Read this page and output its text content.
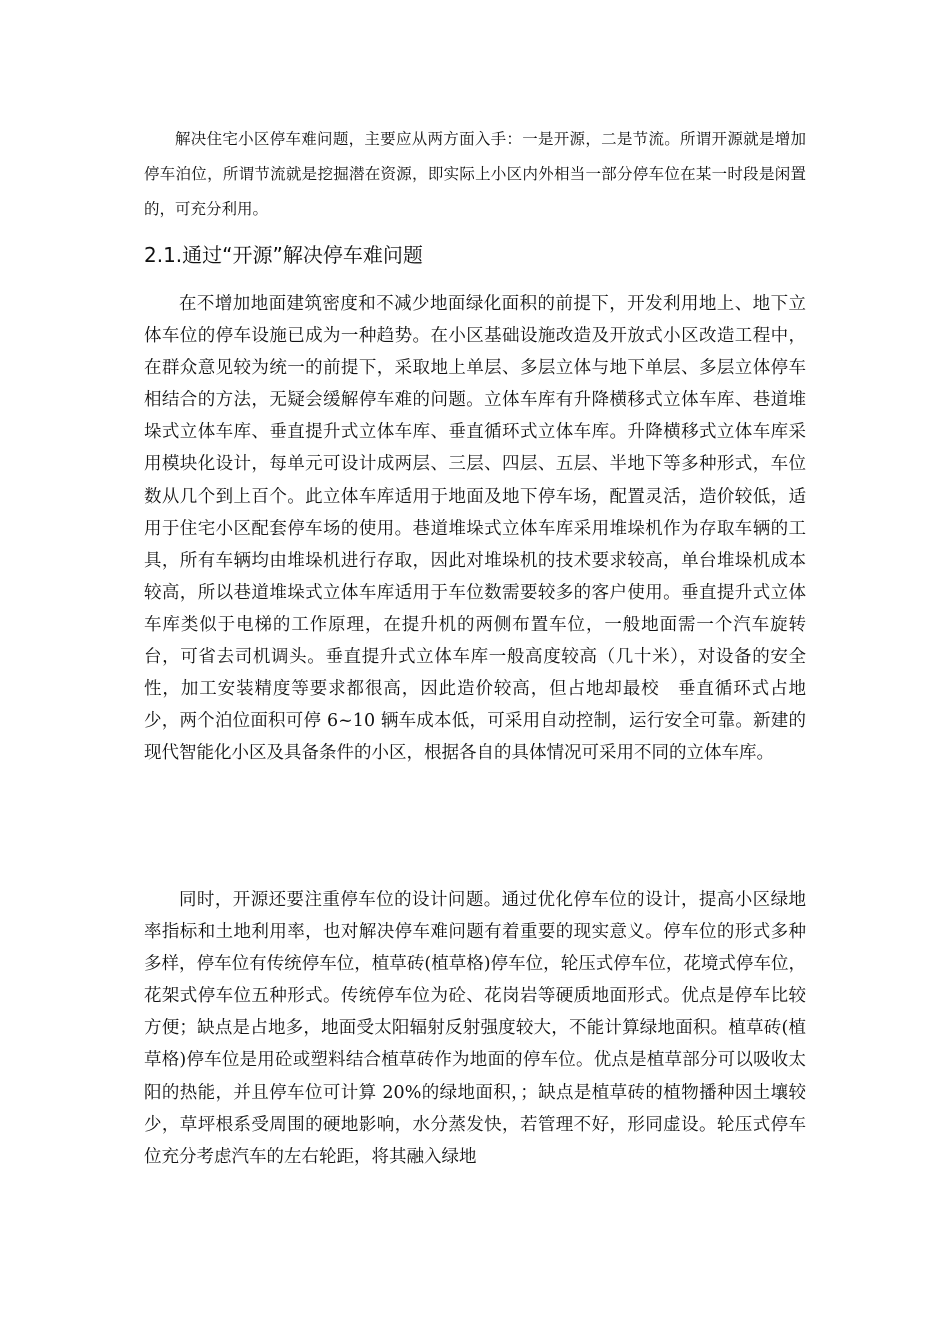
解决住宅小区停车难问题，主要应从两方面入手：一是开源，二是节流。所谓开源就是增加停车泊位，所谓节流就是挖掘潜在资源，即实际上小区内外相当一部分停车位在某一时段是闲置的，可充分利用。

2.1.通过“开源”解决停车难问题

在不增加地面建筑密度和不减少地面绿化面积的前提下，开发利用地上、地下立体车位的停车设施已成为一种趋势。在小区基础设施改造及开放式小区改造工程中，在群众意见较为统一的前提下，采取地上单层、多层立体与地下单层、多层立体停车相结合的方法，无疑会缓解停车难的问题。立体车库有升降横移式立体车库、巷道堆垛式立体车库、垂直提升式立体车库、垂直循环式立体车库。升降横移式立体车库采用模块化设计，每单元可设计成两层、三层、四层、五层、半地下等多种形式，车位数从几个到上百个。此立体车库适用于地面及地下停车场，配置灵活，造价较低，适用于住宅小区配套停车场的使用。巷道堆垛式立体车库采用堆垛机作为存取车辆的工具，所有车辆均由堆垛机进行存取，因此对堆垛机的技术要求较高，单台堆垛机成本较高，所以巷道堆垛式立体车库适用于车位数需要较多的客户使用。垂直提升式立体车库类似于电梯的工作原理，在提升机的两侧布置车位，一般地面需一个汽车旋转台，可省去司机调头。垂直提升式立体车库一般高度较高（几十米），对设备的安全性，加工安装精度等要求都很高，因此造价较高，但占地却最校　垂直循环式占地少，两个泊位面积可停 6~10 辆车成本低，可采用自动控制，运行安全可靠。新建的现代智能化小区及具备条件的小区，根据各自的具体情况可采用不同的立体车库。

同时，开源还要注重停车位的设计问题。通过优化停车位的设计，提高小区绿地率指标和土地利用率，也对解决停车难问题有着重要的现实意义。停车位的形式多种多样，停车位有传统停车位，植草砖(植草格)停车位，轮压式停车位，花境式停车位，花架式停车位五种形式。传统停车位为砼、花岗岩等硬质地面形式。优点是停车比较方便；缺点是占地多，地面受太阳辐射反射强度较大，不能计算绿地面积。植草砖(植草格)停车位是用砼或塑料结合植草砖作为地面的停车位。优点是植草部分可以吸收太阳的热能，并且停车位可计算 20%的绿地面积，；缺点是植草砖的植物播种因土壤较少，草坪根系受周围的硬地影响，水分蒸发快，若管理不好，形同虚设。轮压式停车位充分考虑汽车的左右轮距，将其融入绿地
